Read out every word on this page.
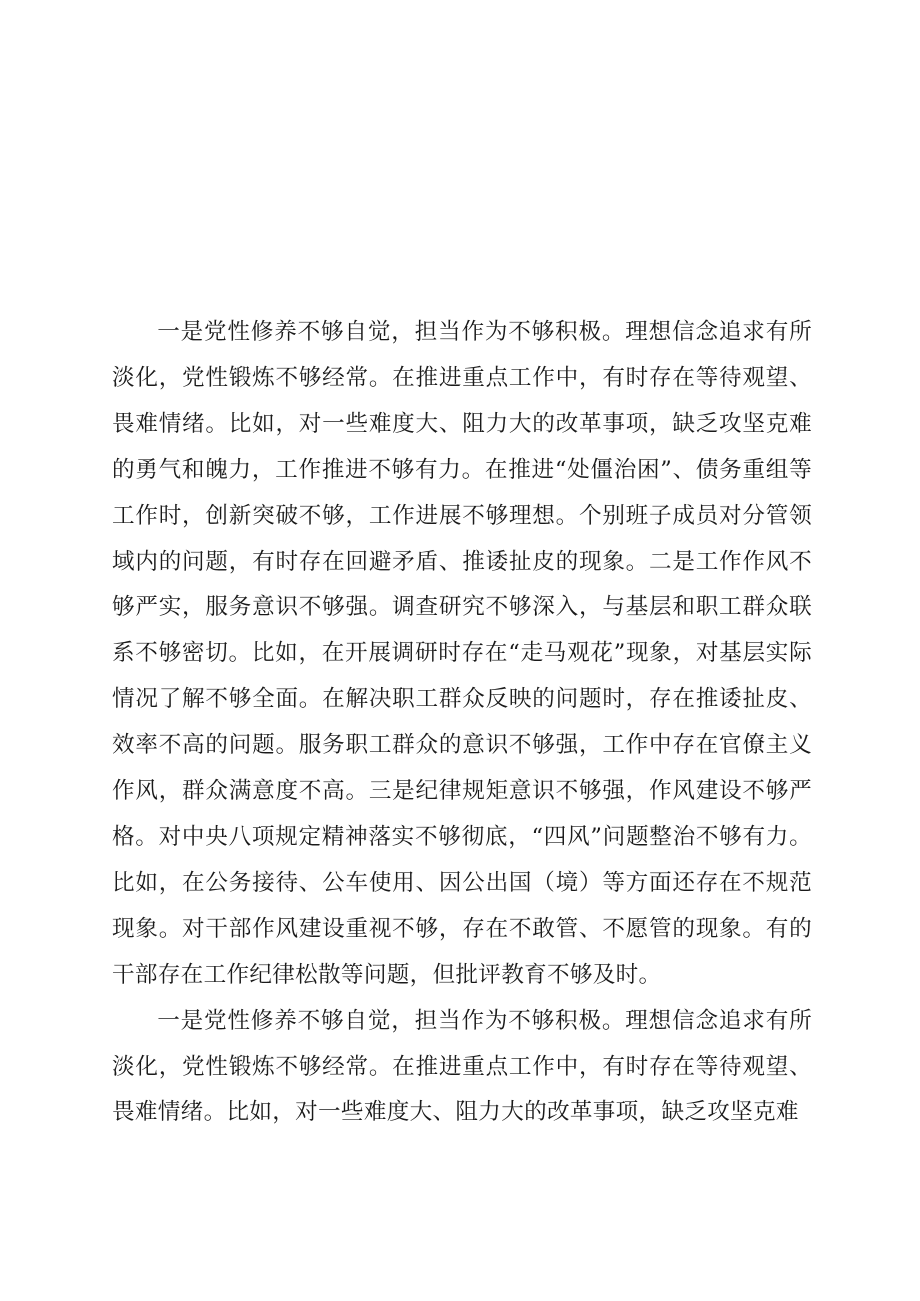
一是党性修养不够自觉，担当作为不够积极。理想信念追求有所淡化，党性锻炼不够经常。在推进重点工作中，有时存在等待观望、畏难情绪。比如，对一些难度大、阻力大的改革事项，缺乏攻坚克难的勇气和魄力，工作推进不够有力。在推进“处僵治困”、债务重组等工作时，创新突破不够，工作进展不够理想。个别班子成员对分管领域内的问题，有时存在回避矛盾、推诿扯皮的现象。二是工作作风不够严实，服务意识不够强。调查研究不够深入，与基层和职工群众联系不够密切。比如，在开展调研时存在“走马观花”现象，对基层实际情况了解不够全面。在解决职工群众反映的问题时，存在推诿扯皮、效率不高的问题。服务职工群众的意识不够强，工作中存在官僚主义作风，群众满意度不高。三是纪律规矩意识不够强，作风建设不够严格。对中央八项规定精神落实不够彻底，“四风”问题整治不够有力。比如，在公务接待、公车使用、因公出国（境）等方面还存在不规范现象。对干部作风建设重视不够，存在不敢管、不愿管的现象。有的干部存在工作纪律松散等问题，但批评教育不够及时。

一是党性修养不够自觉，担当作为不够积极。理想信念追求有所淡化，党性锻炼不够经常。在推进重点工作中，有时存在等待观望、畏难情绪。比如，对一些难度大、阻力大的改革事项，缺乏攻坚克难
